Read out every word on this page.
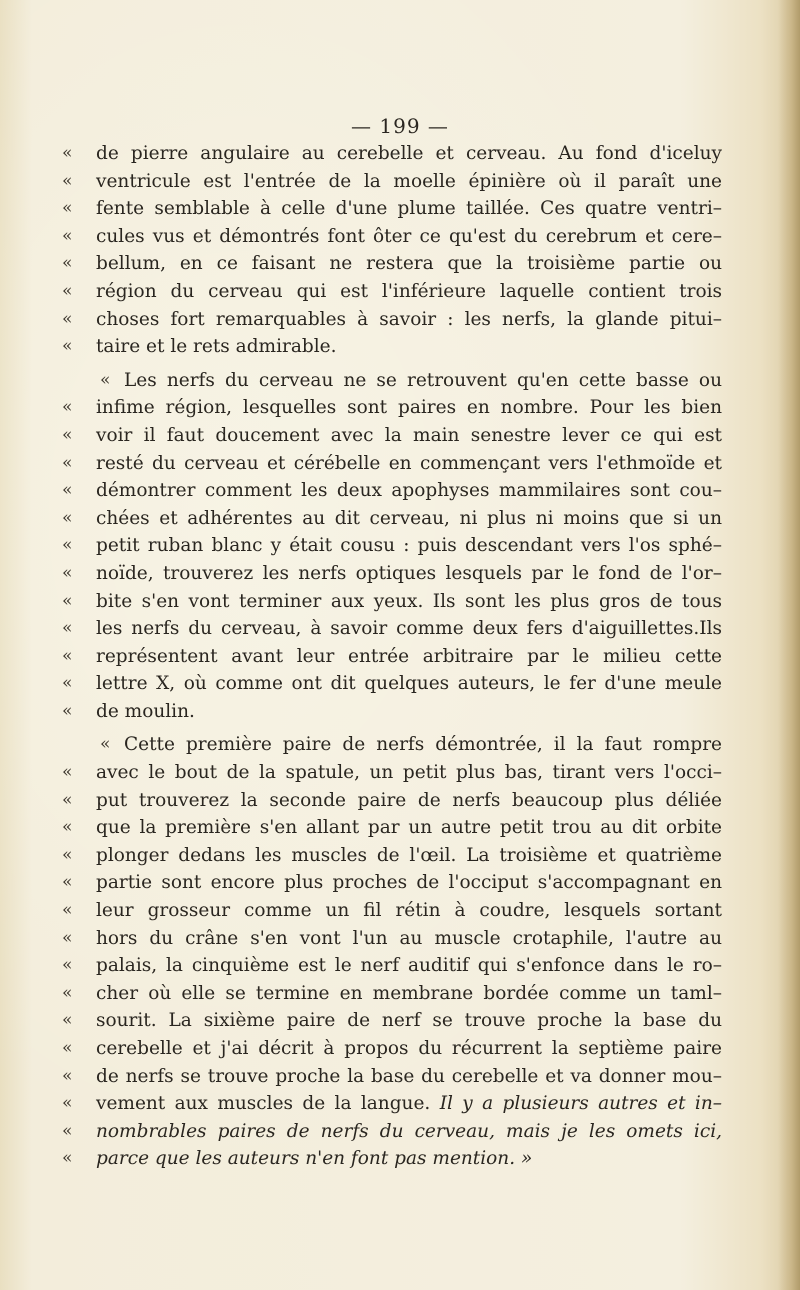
— 199 —
«	de pierre angulaire au cerebelle et cerveau. Au fond d'iceluy
«	ventricule est l'entrée de la moelle épinière où il paraît une
«	fente semblable à celle d'une plume taillée. Ces quatre ventri–
«	cules vus et démontrés font ôter ce qu'est du cerebrum et cere–
«	bellum, en ce faisant ne restera que la troisième partie ou
«	région du cerveau qui est l'inférieure laquelle contient trois
«	choses fort remarquables à savoir : les nerfs, la glande pitui–
«	taire et le rets admirable.
« Les nerfs du cerveau ne se retrouvent qu'en cette basse ou
«	infime région, lesquelles sont paires en nombre. Pour les bien
«	voir il faut doucement avec la main senestre lever ce qui est
«	resté du cerveau et cérébelle en commençant vers l'ethmoïde et
«	démontrer comment les deux apophyses mammilaires sont cou–
«	chées et adhérentes au dit cerveau, ni plus ni moins que si un
«	petit ruban blanc y était cousu : puis descendant vers l'os sphé–
«	noïde, trouverez les nerfs optiques lesquels par le fond de l'or–
«	bite s'en vont terminer aux yeux. Ils sont les plus gros de tous
«	les nerfs du cerveau, à savoir comme deux fers d'aiguillettes.Ils
«	représentent avant leur entrée arbitraire par le milieu cette
«	lettre X, où comme ont dit quelques auteurs, le fer d'une meule
«	de moulin.
« Cette première paire de nerfs démontrée, il la faut rompre
«	avec le bout de la spatule, un petit plus bas, tirant vers l'occi–
«	put trouverez la seconde paire de nerfs beaucoup plus déliée
«	que la première s'en allant par un autre petit trou au dit orbite
«	plonger dedans les muscles de l'œil. La troisième et quatrième
«	partie sont encore plus proches de l'occiput s'accompagnant en
«	leur grosseur comme un fil rétin à coudre, lesquels sortant
«	hors du crâne s'en vont l'un au muscle crotaphile, l'autre au
«	palais, la cinquième est le nerf auditif qui s'enfonce dans le ro–
«	cher où elle se termine en membrane bordée comme un taml–
«	sourit. La sixième paire de nerf se trouve proche la base du
«	cerebelle et j'ai décrit à propos du récurrent la septième paire
«	de nerfs se trouve proche la base du cerebelle et va donner mou–
«	vement aux muscles de la langue. Il y a plusieurs autres et in–
«	nombrables paires de nerfs du cerveau, mais je les omets ici,
«	parce que les auteurs n'en font pas mention. »
